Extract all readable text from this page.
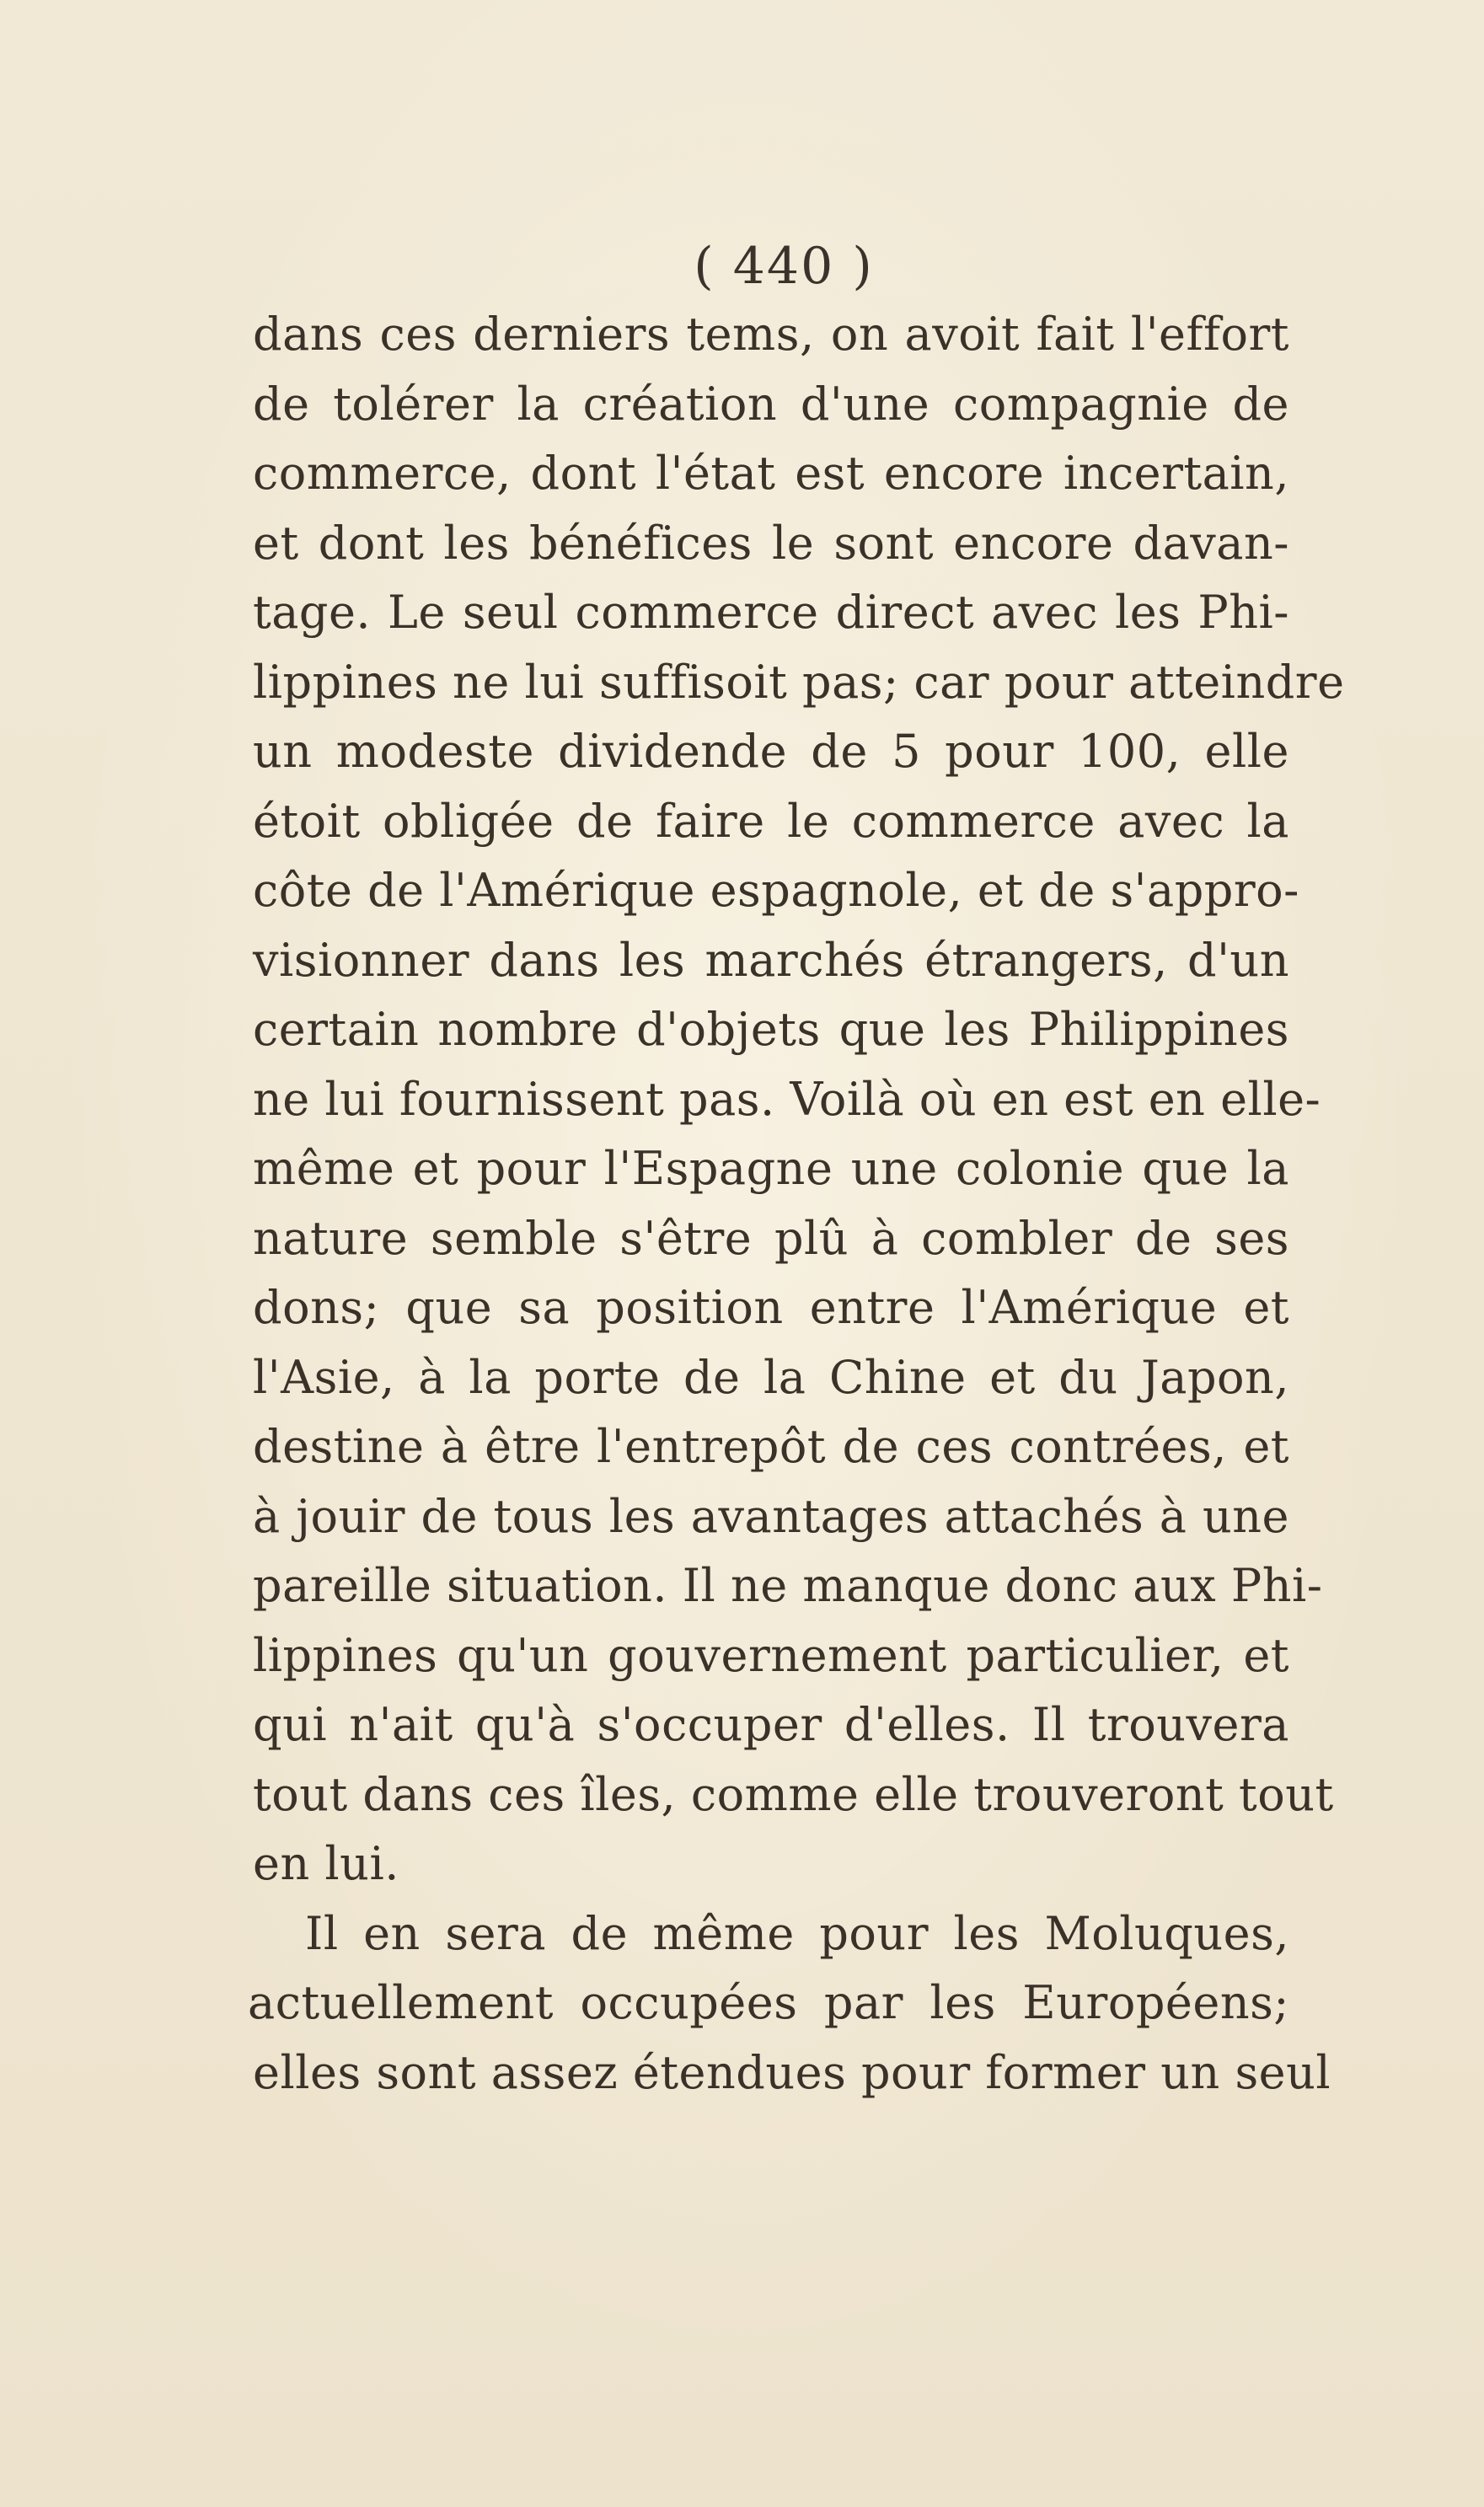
( 440 )
dans ces derniers tems, on avoit fait l'effort
de tolérer la création d'une compagnie de
commerce, dont l'état est encore incertain,
et dont les bénéfices le sont encore davan-
tage. Le seul commerce direct avec les Phi-
lippines ne lui suffisoit pas; car pour atteindre
un modeste dividende de 5 pour 100, elle
étoit obligée de faire le commerce avec la
côte de l'Amérique espagnole, et de s'appro-
visionner dans les marchés étrangers, d'un
certain nombre d'objets que les Philippines
ne lui fournissent pas. Voilà où en est en elle-
même et pour l'Espagne une colonie que la
nature semble s'être plû à combler de ses
dons; que sa position entre l'Amérique et
l'Asie, à la porte de la Chine et du Japon,
destine à être l'entrepôt de ces contrées, et
à jouir de tous les avantages attachés à une
pareille situation. Il ne manque donc aux Phi-
lippines qu'un gouvernement particulier, et
qui n'ait qu'à s'occuper d'elles. Il trouvera
tout dans ces îles, comme elle trouveront tout
en lui.
Il en sera de même pour les Moluques,
actuellement occupées par les Européens;
elles sont assez étendues pour former un seul
